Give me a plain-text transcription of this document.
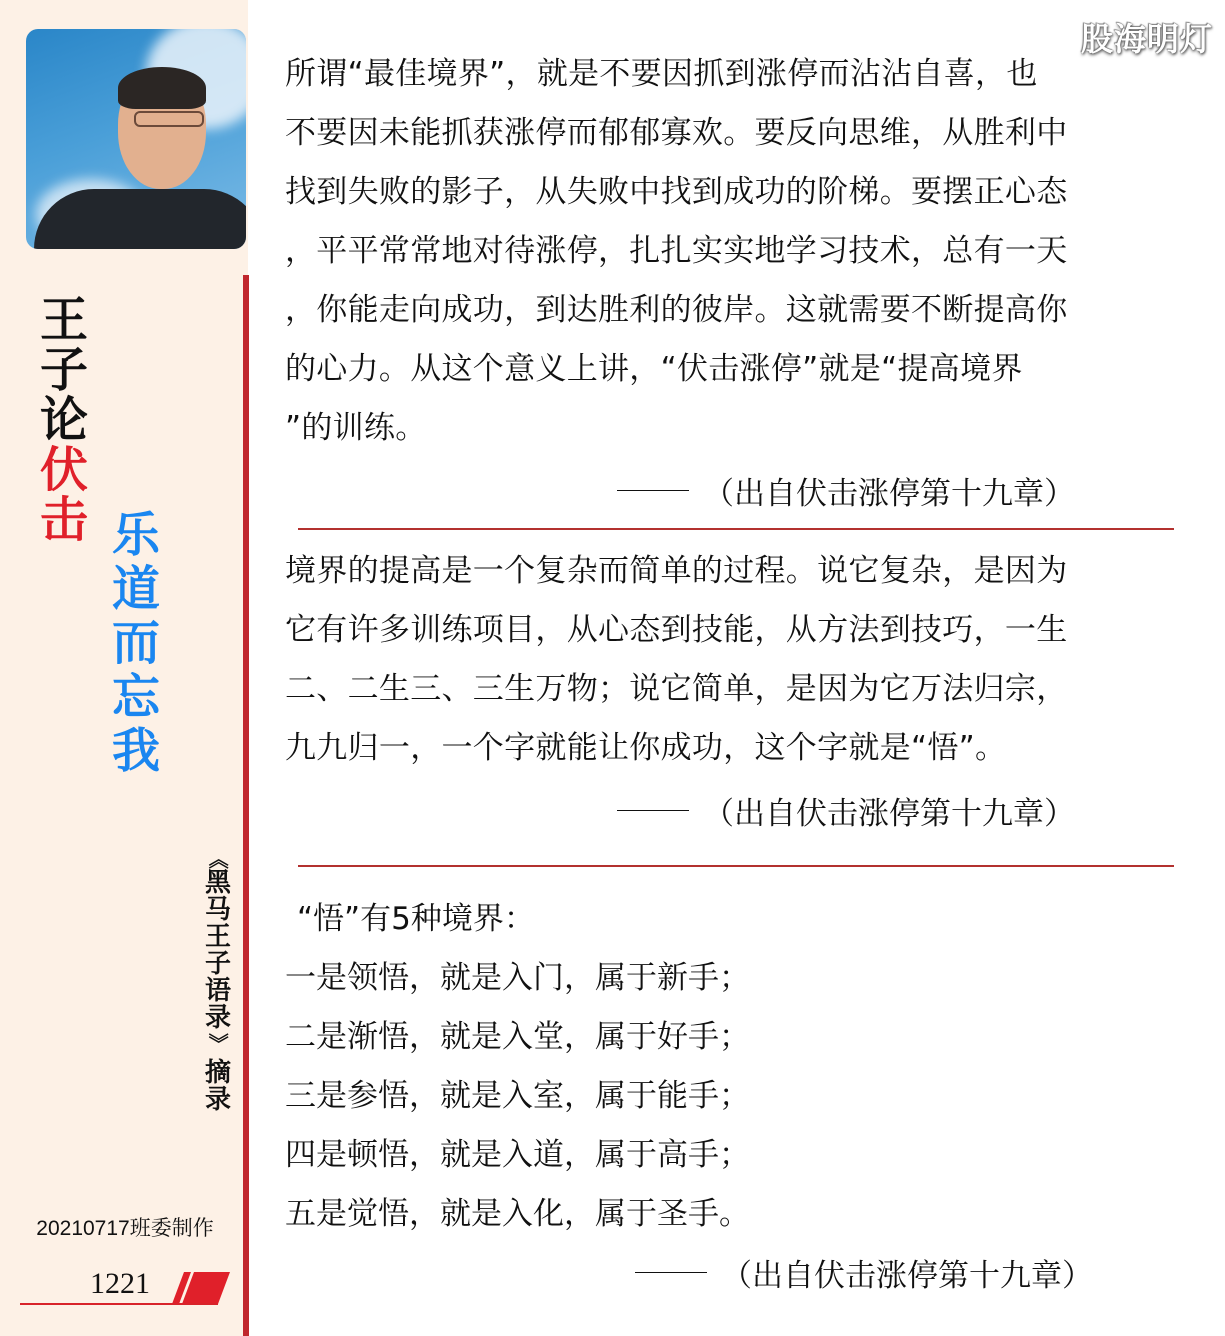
王
子
论
伏
击 乐
道
而
忘
我
《
黑
马
王
子
语
录
》
摘
录
20210717班委制作
1221
股海明灯
所谓“最佳境界”，就是不要因抓到涨停而沾沾自喜，也
不要因未能抓获涨停而郁郁寡欢。要反向思维，从胜利中
找到失败的影子，从失败中找到成功的阶梯。要摆正心态
，平平常常地对待涨停，扎扎实实地学习技术，总有一天
，你能走向成功，到达胜利的彼岸。这就需要不断提高你
的心力。从这个意义上讲，“伏击涨停”就是“提高境界
”的训练。
（出自伏击涨停第十九章）
境界的提高是一个复杂而简单的过程。说它复杂，是因为
它有许多训练项目，从心态到技能，从方法到技巧，一生
二、二生三、三生万物；说它简单，是因为它万法归宗，
九九归一，一个字就能让你成功，这个字就是“悟”。
（出自伏击涨停第十九章）
“悟”有5种境界：
一是领悟，就是入门，属于新手；
二是渐悟，就是入堂，属于好手；
三是参悟，就是入室，属于能手；
四是顿悟，就是入道，属于高手；
五是觉悟，就是入化，属于圣手。
（出自伏击涨停第十九章）
